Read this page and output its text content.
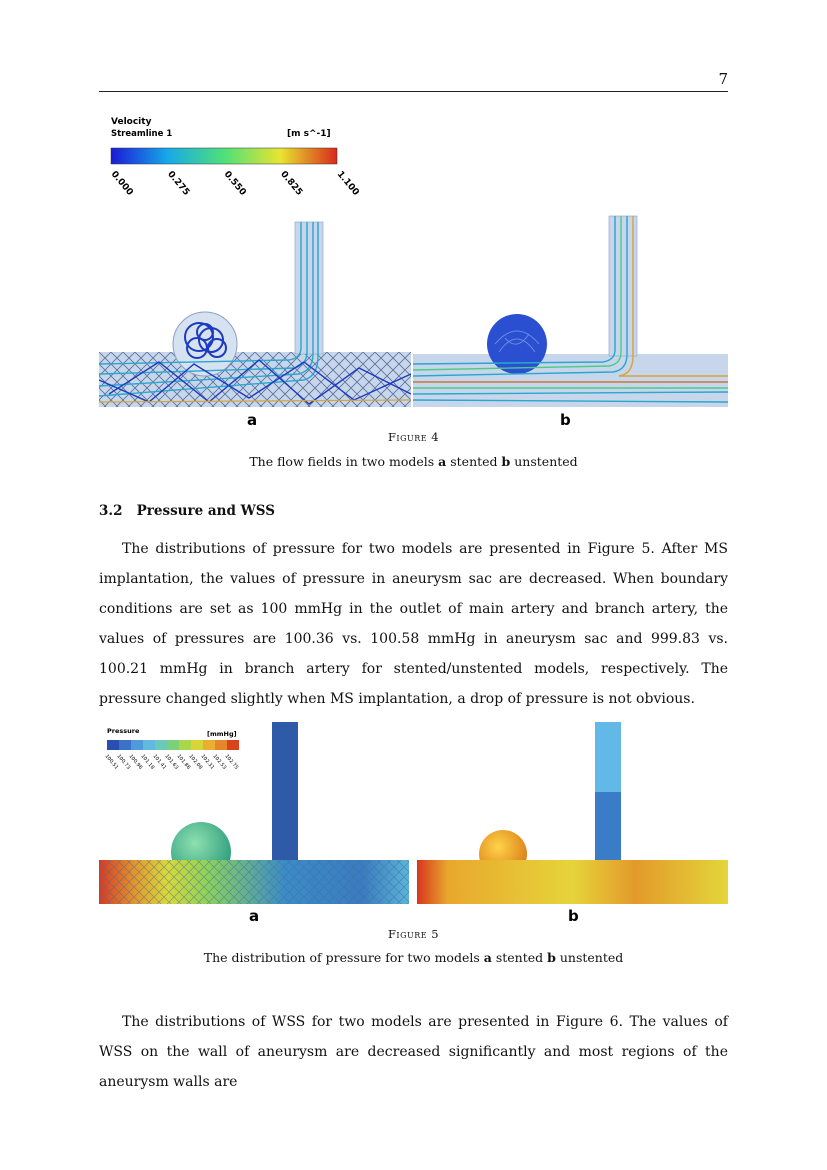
7
Velocity
Streamline 1	[m s^-1]
0.000	0.275	0.550	0.825	1.100
a	b
Figure 4
The flow fields in two models a stented b unstented
3.2 Pressure and WSS

The distributions of pressure for two models are presented in Figure 5. After MS implantation, the values of pressure in aneurysm sac are decreased. When boundary conditions are set as 100 mmHg in the outlet of main artery and branch artery, the values of pressures are 100.36 vs. 100.58 mmHg in aneurysm sac and 999.83 vs. 100.21 mmHg in branch artery for stented/unstented models, respectively. The pressure changed slightly when MS implantation, a drop of pressure is not obvious.

Pressure	[mmHg]
100.51
100.73
100.96
101.18
101.41
101.63
101.86
102.08
102.31
102.53
102.75
a	b
Figure 5
The distribution of pressure for two models a stented b unstented

The distributions of WSS for two models are presented in Figure 6. The values of WSS on the wall of aneurysm are decreased significantly and most regions of the aneurysm walls are
